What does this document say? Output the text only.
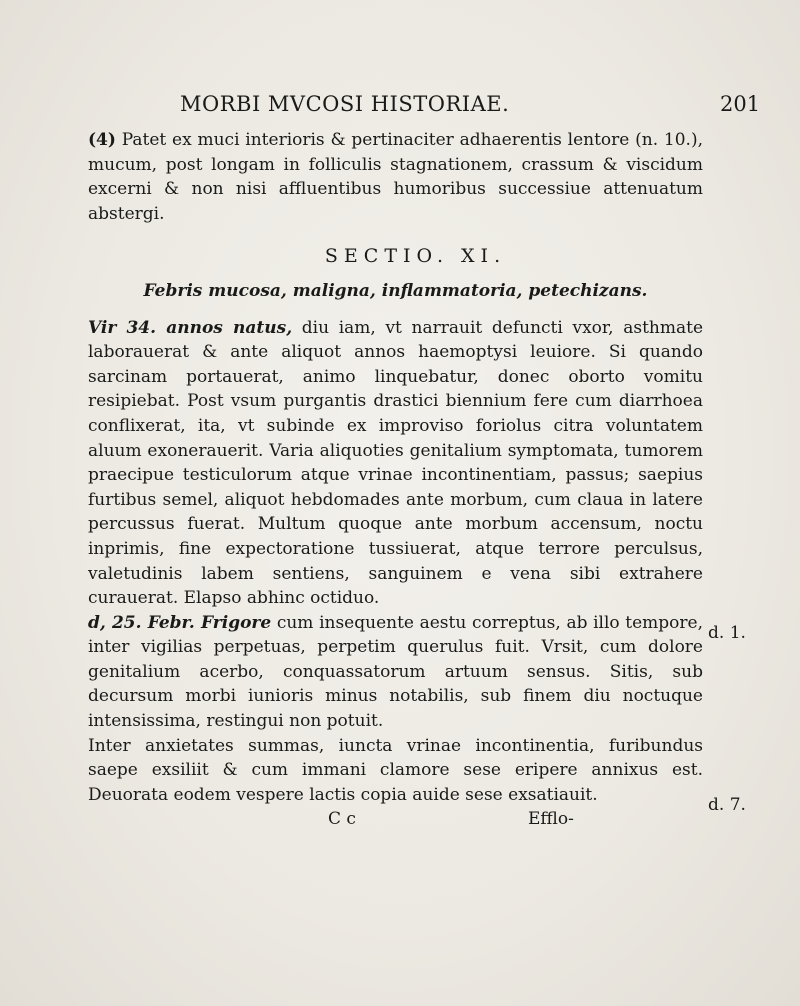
MORBI MVCOSI HISTORIAE.	201

(4) Patet ex muci interioris & pertinaciter adhaerentis lentore (n. 10.), mucum, post longam in folliculis stagnationem, crassum & viscidum excerni & non nisi affluentibus humoribus successiue attenuatum abstergi.

SECTIO. XI.
Febris mucosa, maligna, inflammatoria, petechizans.

Vir 34. annos natus, diu iam, vt narrauit defuncti vxor, asthmate laborauerat & ante aliquot annos haemoptysi leuiore. Si quando sarcinam portauerat, animo linquebatur, donec oborto vomitu resipiebat. Post vsum purgantis drastici biennium fere cum diarrhoea conflixerat, ita, vt subinde ex improviso foriolus citra voluntatem aluum exonerauerit. Varia aliquoties genitalium symptomata, tumorem praecipue testiculorum atque vrinae incontinentiam, passus; saepius furtibus semel, aliquot hebdomades ante morbum, cum claua in latere percussus fuerat. Multum quoque ante morbum accensum, noctu inprimis, fine expectoratione tussiuerat, atque terrore perculsus, valetudinis labem sentiens, sanguinem e vena sibi extrahere curauerat. Elapso abhinc octiduo.

d, 25. Febr. Frigore cum insequente aestu correptus, ab illo tempore, inter vigilias perpetuas, perpetim querulus fuit. Vrsit, cum dolore genitalium acerbo, conquassatorum artuum sensus. Sitis, sub decursum morbi iunioris minus notabilis, sub finem diu noctuque intensissima, restingui non potuit.

Inter anxietates summas, iuncta vrinae incontinentia, furibundus saepe exsiliit & cum immani clamore sese eripere annixus est. Deuorata eodem vespere lactis copia auide sese exsatiauit.

C c	Efflo-
d. 1.
d. 7.
